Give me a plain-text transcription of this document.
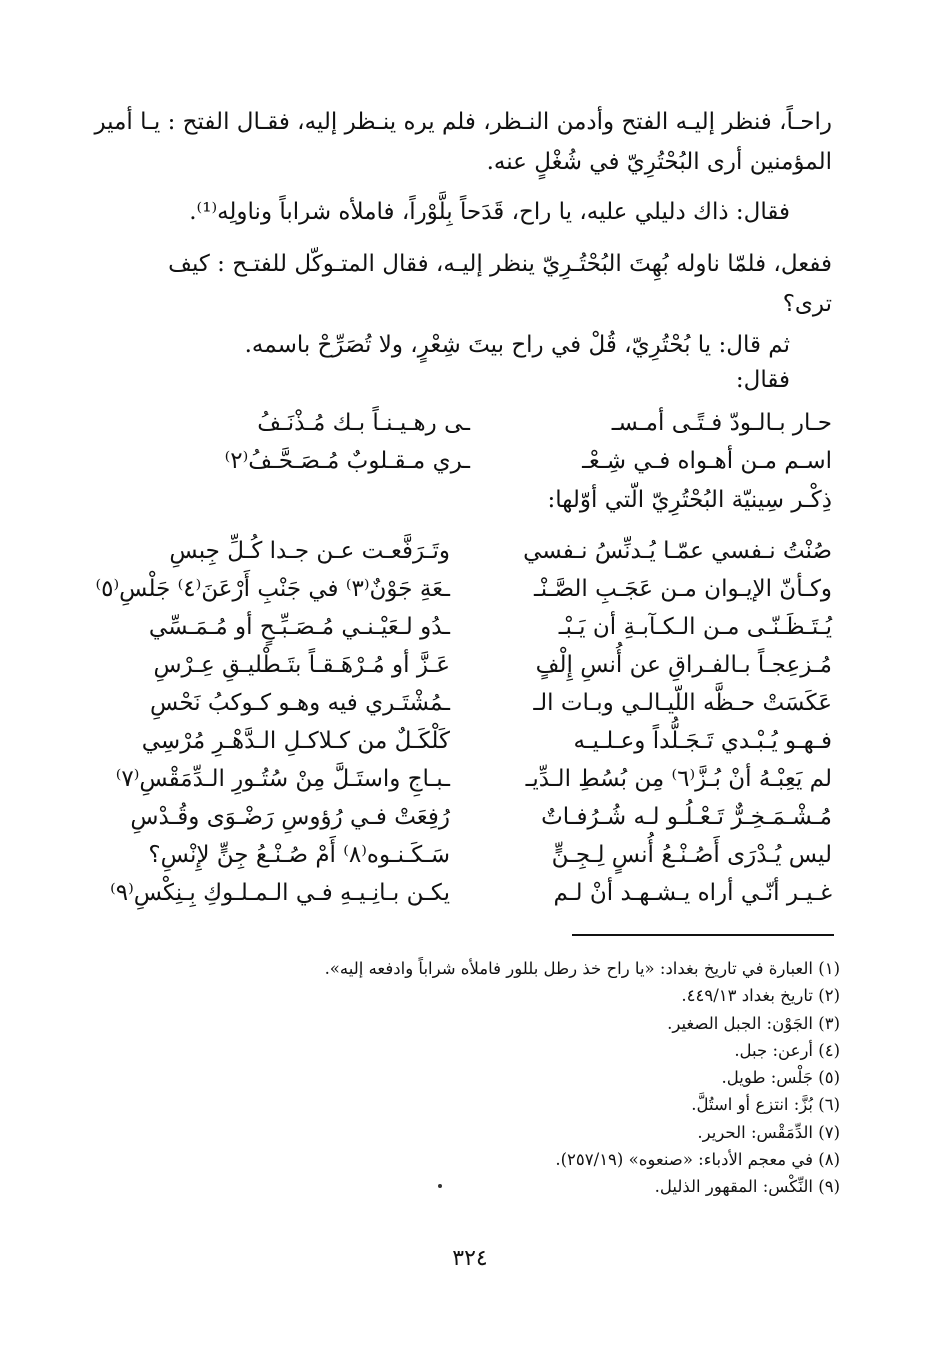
راحـاً، فنظر إليـه الفتح وأدمن النـظر، فلم يره ينـظر إليه، فقـال الفتح : يـا أمير
المؤمنين أرى البُحْتُرِيّ في شُغْلٍ عنه.
فقال: ذاك دليلي عليه، يا راح، قَدَحاً بِلَّوْراً، فاملأه شراباً وناولِه⁽¹⁾.
ففعل، فلمّا ناوله بُهِتَ البُحْتُـرِيّ ينظر إليـه، فقال المتـوكّل للفتـح : كيف
ترى؟
ثم قال: يا بُحْتُرِيّ، قُلْ في راح بيتَ شِعْرٍ، ولا تُصَرِّحْ باسمه.
فقال:
حـار بـالـودّ فـتًـى أمـسـ
اسـم مـن أهـواه فـي شِـعْـ
ـى رهـيـنـاً بـك مُـذْنَـفُ
ـري مـقـلوبٌ مُـصَـحَّـفُ⁽٢⁾
ذِكْـر سِينيّة البُحْتُرِيّ الّتي أوّلها:
صُنْتُ نـفسي عمّـا يُـدنِّسُ نـفسي
وكـأنّ الإيـوان مـن عَجَـبِ الصَّـنْـ
يُـتَـظَـنّـى مـن الـكـآبـةِ أن يَـبْـ
مُـزعِجـاً بـالفـراقِ عن أُنسِ إِلْفٍ
عَكَسَتْ حـظَّه اللّيـالـي وبـات الـ
فـهـو يُـبْـدي تَـجَـلُّداً وعـلـيـه
لم يَعِبْـهُ أنْ بُـزَّ⁽٦⁾ مِن بُسُطِ الـدِّيـ
مُـشْـمَـخِـرٌّ تَـعْـلُـو لـه شُـرُفـاتٌ
ليس يُـدْرَى أَصُـنْـعُ أُنسٍ لِـجِـنٍّ
غـيـر أنّـي أراه يـشـهـد أنْ لـم
وتَـرَفَّعـت عـن جـدا كُـلِّ جِبسِ
ـعَةِ جَوْنٌ⁽٣⁾ في جَنْبِ أَرْعَنَ⁽٤⁾ جَلْسِ⁽٥⁾
ـدُو لـعَيْـنـي مُـصَـبِّـحٍ أو مُـمَـسِّي
عَـزَّ أو مُـرْهَـقـاً بتَـطْليـقِ عِـرْسِ
ـمُشْتَـري فيه وهـو كـوكبُ نَحْسِ
كَلْكَـلٌ من كـلاكـلِ الـدَّهْـرِ مُرْسِي
ـبـاجِ واستَـلَّ مِنْ سُتُـورِ الـدِّمَقْسِ⁽٧⁾
رُفِعَتْ فـي رُؤوسِ رَضْـوَى وقُـدْسِ
سَـكَـنـوه⁽٨⁾ أَمْ صُـنْـعُ جِنٍّ لإِنْسِ؟
يكـن بـانِـيـهِ فـي الـمـلـوكِ بِـنِكْسِ⁽٩⁾
(١) العبارة في تاريخ بغداد: «يا راح خذ رطل بللور فاملأه شراباً وادفعه إليه».
(٢) تاريخ بغداد ٤٤٩/١٣.
(٣) الجَوْن: الجبل الصغير.
(٤) أرعن: جبل.
(٥) جَلْس: طويل.
(٦) بُزَّ: انتزع أو استُلَّ.
(٧) الدِّمَقْس: الحرير.
(٨) في معجم الأدباء: «صنعوه» (٢٥٧/١٩).
(٩) النِّكْس: المقهور الذليل.
٣٢٤
